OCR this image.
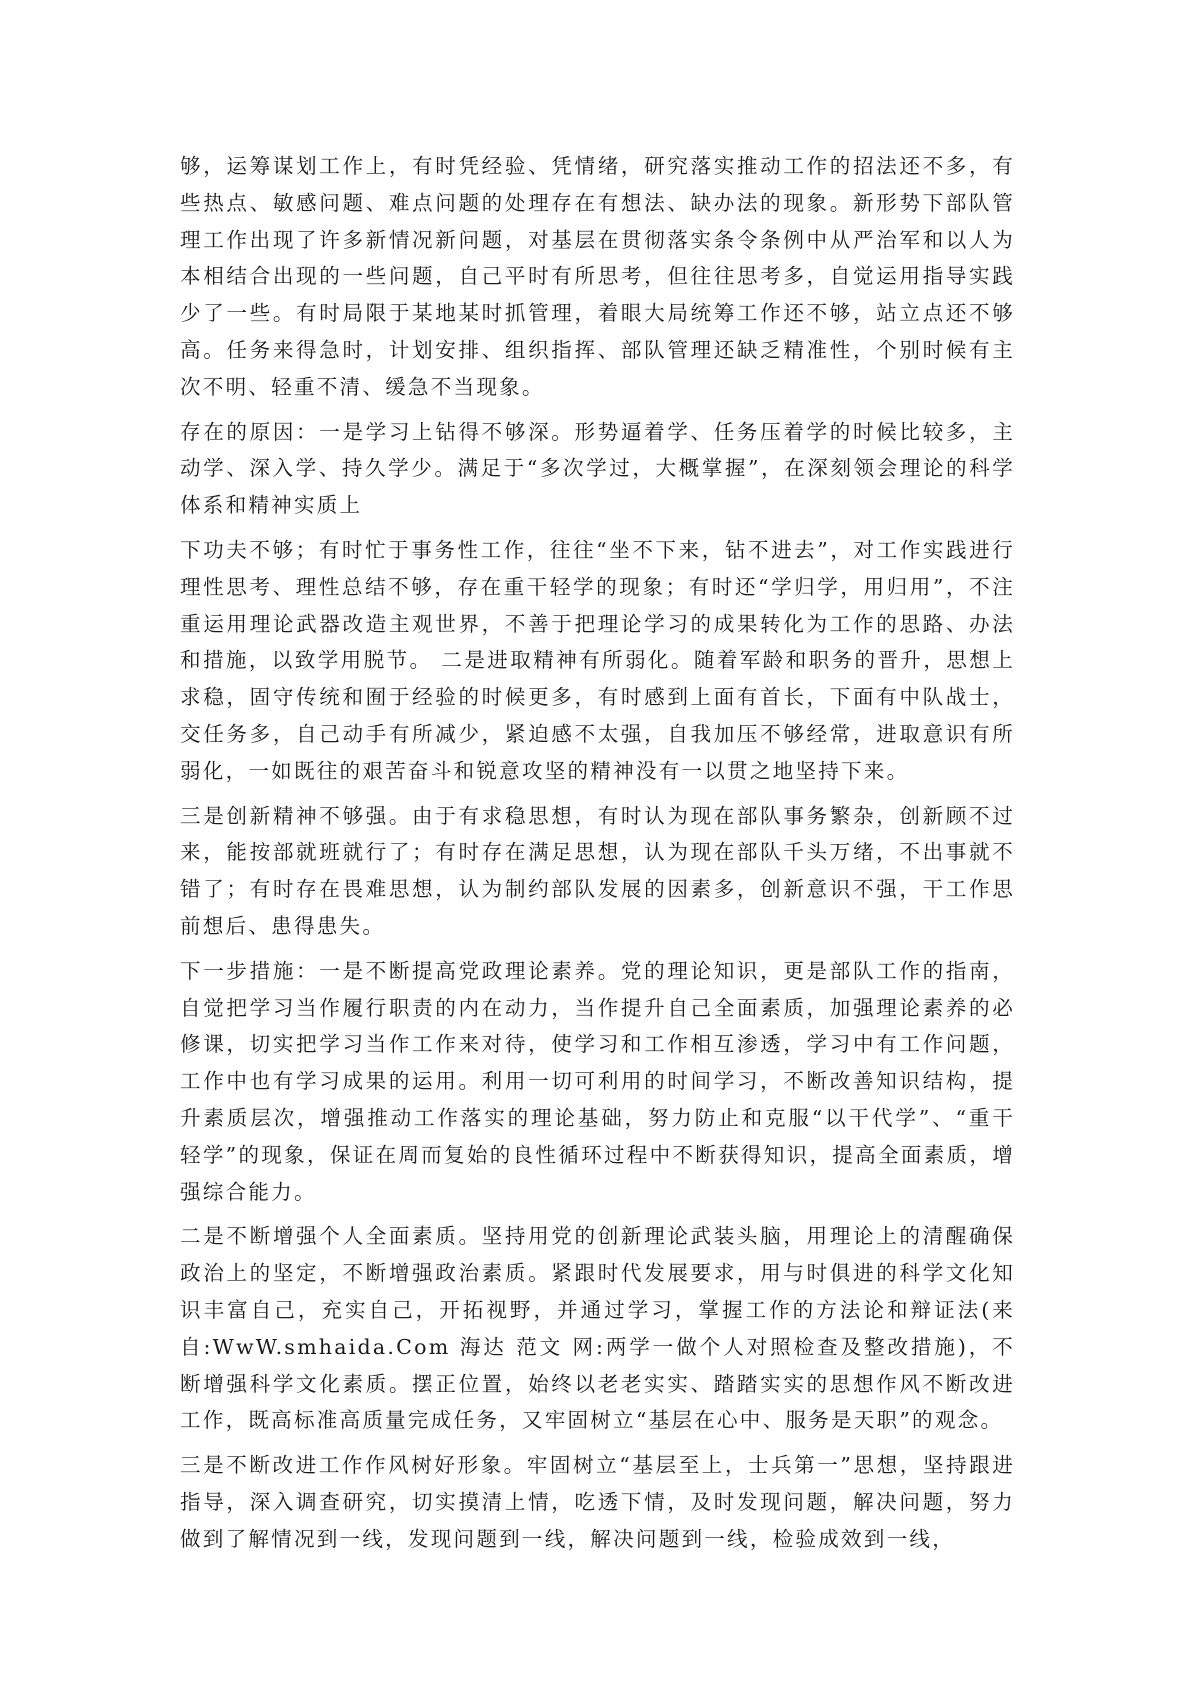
够，运筹谋划工作上，有时凭经验、凭情绪，研究落实推动工作的招法还不多，有些热点、敏感问题、难点问题的处理存在有想法、缺办法的现象。新形势下部队管理工作出现了许多新情况新问题，对基层在贯彻落实条令条例中从严治军和以人为本相结合出现的一些问题，自己平时有所思考，但往往思考多，自觉运用指导实践少了一些。有时局限于某地某时抓管理，着眼大局统筹工作还不够，站立点还不够高。任务来得急时，计划安排、组织指挥、部队管理还缺乏精准性，个别时候有主次不明、轻重不清、缓急不当现象。

存在的原因：一是学习上钻得不够深。形势逼着学、任务压着学的时候比较多，主动学、深入学、持久学少。满足于“多次学过，大概掌握”，在深刻领会理论的科学体系和精神实质上

下功夫不够；有时忙于事务性工作，往往“坐不下来，钻不进去”，对工作实践进行理性思考、理性总结不够，存在重干轻学的现象；有时还“学归学，用归用”，不注重运用理论武器改造主观世界，不善于把理论学习的成果转化为工作的思路、办法和措施，以致学用脱节。 二是进取精神有所弱化。随着军龄和职务的晋升，思想上求稳，固守传统和囿于经验的时候更多，有时感到上面有首长，下面有中队战士，交任务多，自己动手有所减少，紧迫感不太强，自我加压不够经常，进取意识有所弱化，一如既往的艰苦奋斗和锐意攻坚的精神没有一以贯之地坚持下来。

三是创新精神不够强。由于有求稳思想，有时认为现在部队事务繁杂，创新顾不过来，能按部就班就行了；有时存在满足思想，认为现在部队千头万绪，不出事就不错了；有时存在畏难思想，认为制约部队发展的因素多，创新意识不强，干工作思前想后、患得患失。

下一步措施：一是不断提高党政理论素养。党的理论知识，更是部队工作的指南，自觉把学习当作履行职责的内在动力，当作提升自己全面素质，加强理论素养的必修课，切实把学习当作工作来对待，使学习和工作相互渗透，学习中有工作问题，工作中也有学习成果的运用。利用一切可利用的时间学习，不断改善知识结构，提升素质层次，增强推动工作落实的理论基础，努力防止和克服“以干代学”、“重干轻学”的现象，保证在周而复始的良性循环过程中不断获得知识，提高全面素质，增强综合能力。

二是不断增强个人全面素质。坚持用党的创新理论武装头脑，用理论上的清醒确保政治上的坚定，不断增强政治素质。紧跟时代发展要求，用与时俱进的科学文化知识丰富自己，充实自己，开拓视野，并通过学习，掌握工作的方法论和辩证法(来自:WwW.smhaida.Com 海达 范文 网:两学一做个人对照检查及整改措施)，不断增强科学文化素质。摆正位置，始终以老老实实、踏踏实实的思想作风不断改进工作，既高标准高质量完成任务，又牢固树立“基层在心中、服务是天职”的观念。

三是不断改进工作作风树好形象。牢固树立“基层至上，士兵第一”思想，坚持跟进指导，深入调查研究，切实摸清上情，吃透下情，及时发现问题，解决问题，努力做到了解情况到一线，发现问题到一线，解决问题到一线，检验成效到一线，
